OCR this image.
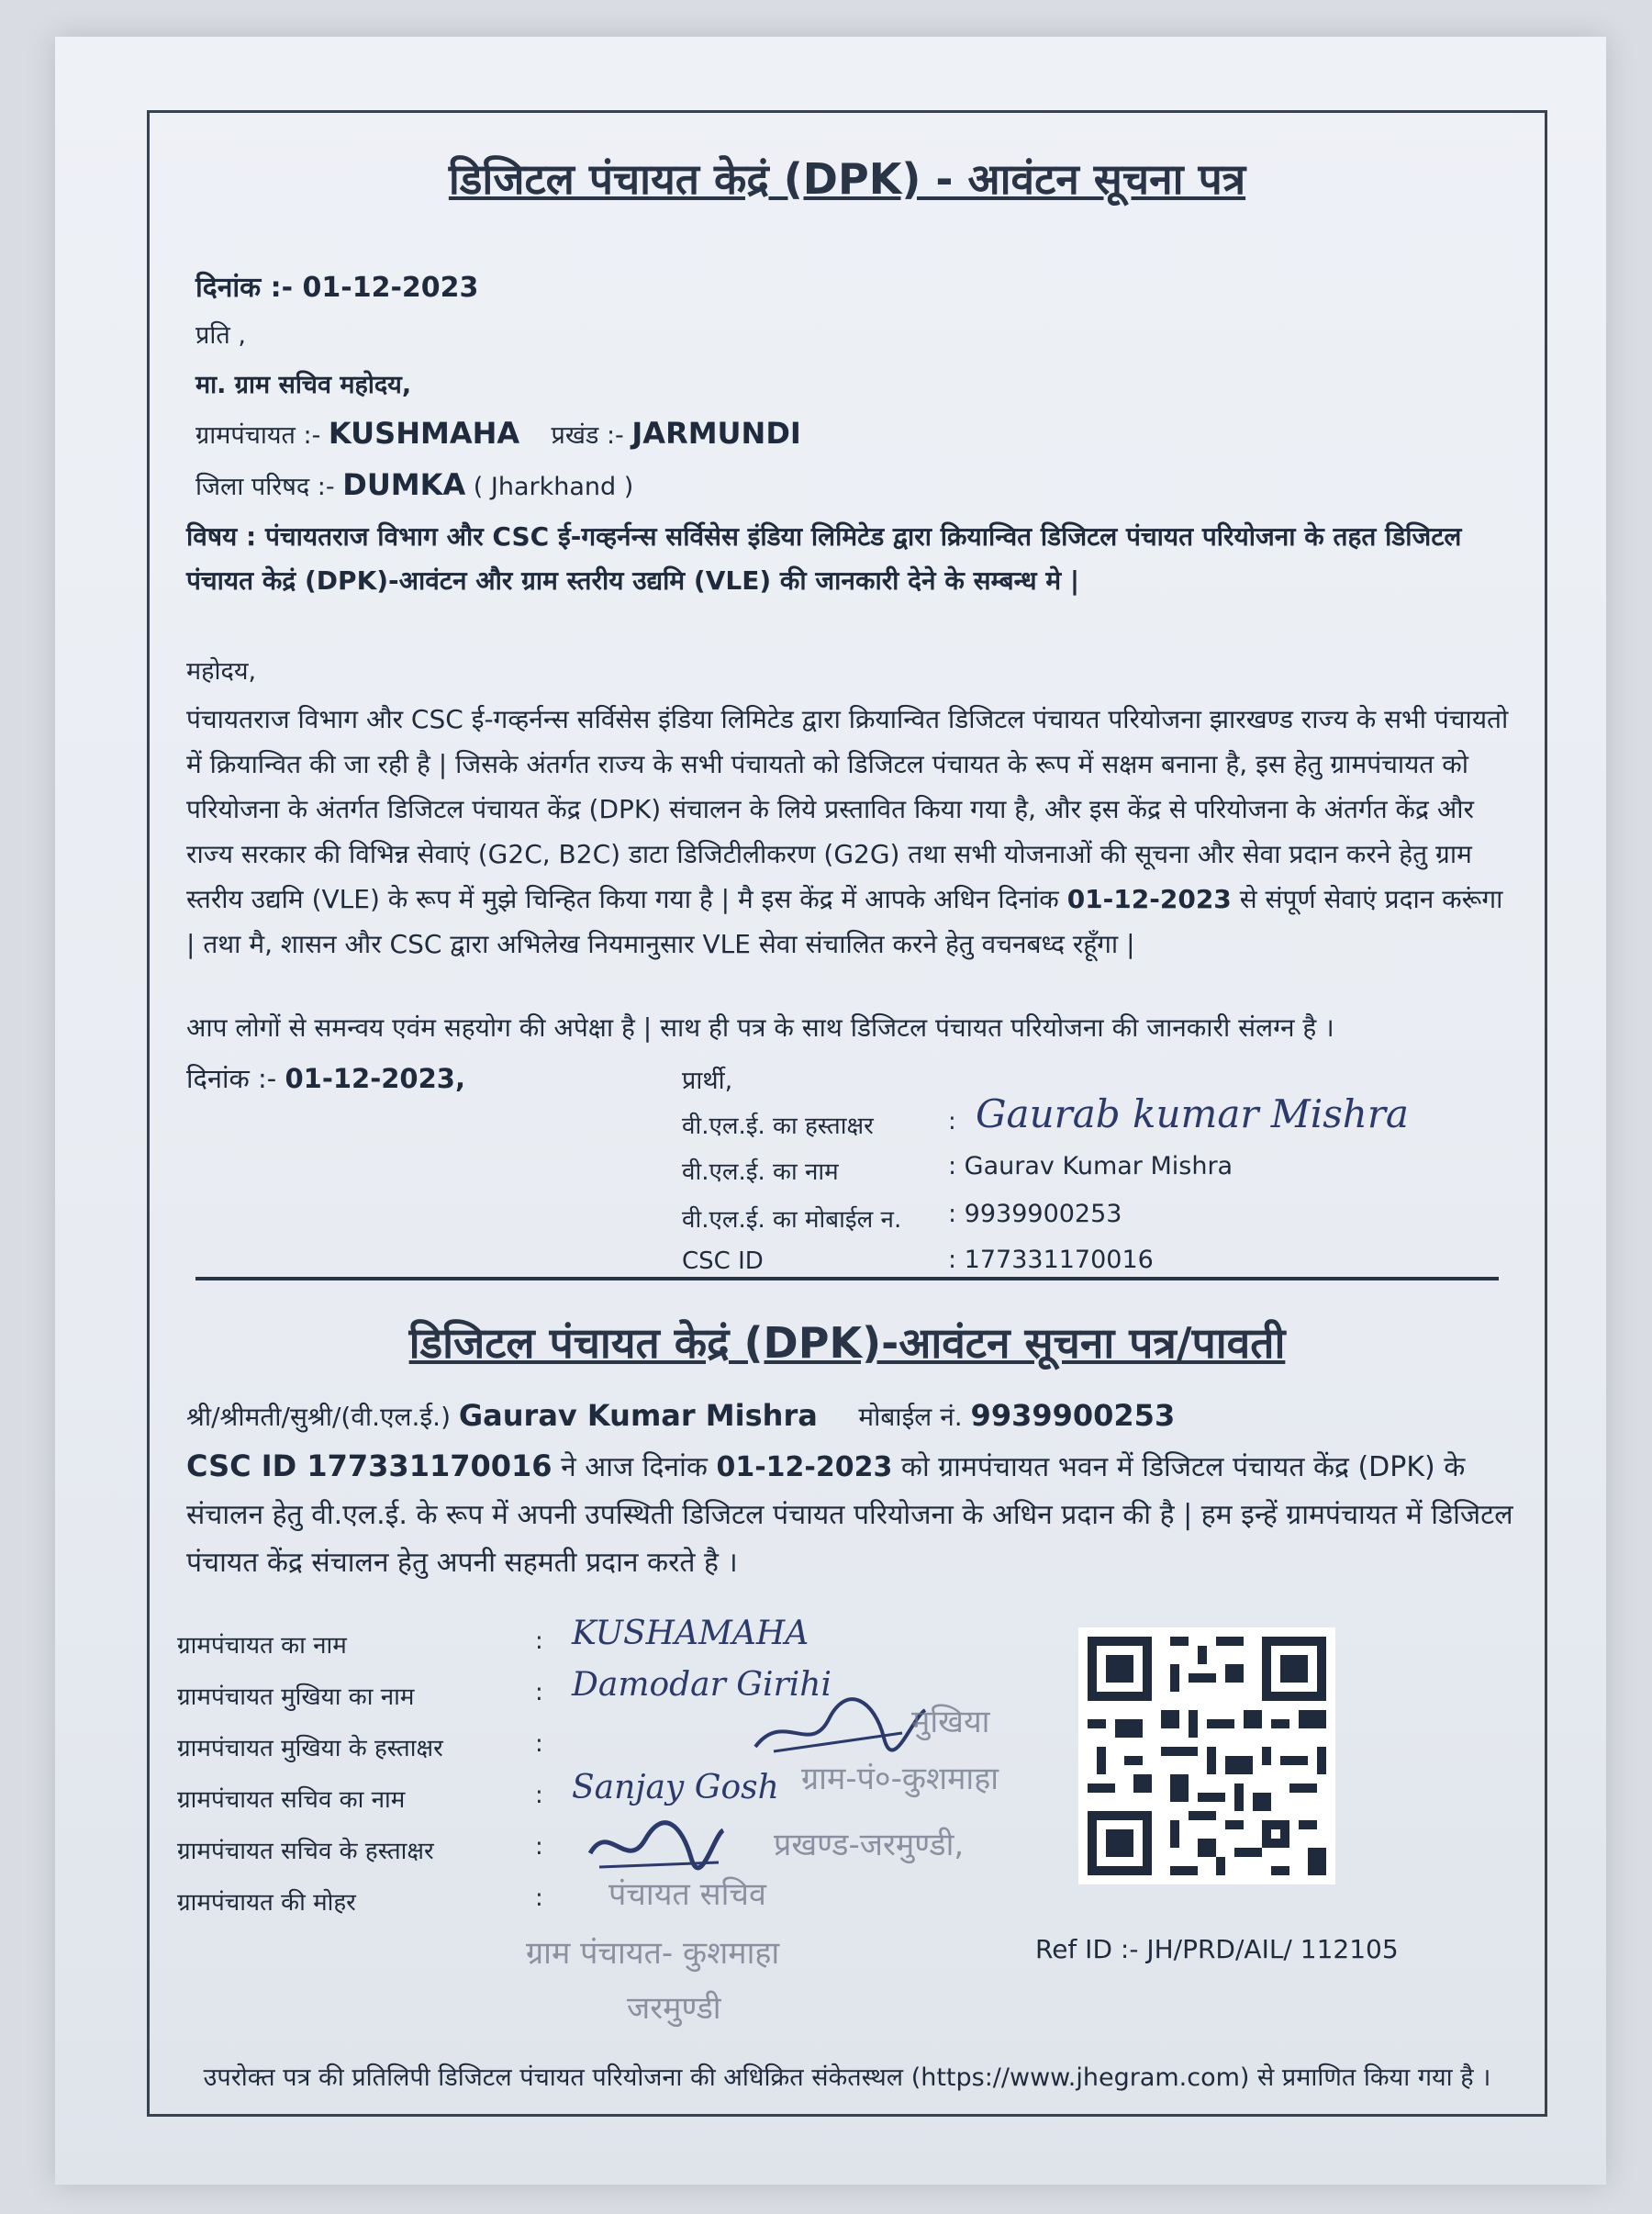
डिजिटल पंचायत केद्रं (DPK) - आवंटन सूचना पत्र
दिनांक :- 01-12-2023
प्रति ,
मा. ग्राम सचिव महोदय,
ग्रामपंचायत :- KUSHMAHA प्रखंड :- JARMUNDI
जिला परिषद :- DUMKA ( Jharkhand )

विषय : पंचायतराज विभाग और CSC ई-गव्हर्नन्स सर्विसेस इंडिया लिमिटेड द्वारा क्रियान्वित डिजिटल पंचायत परियोजना के तहत डिजिटल पंचायत केद्रं (DPK)-आवंटन और ग्राम स्तरीय उद्यमि (VLE) की जानकारी देने के सम्बन्ध मे |

महोदय,

पंचायतराज विभाग और CSC ई-गव्हर्नन्स सर्विसेस इंडिया लिमिटेड द्वारा क्रियान्वित डिजिटल पंचायत परियोजना झारखण्ड राज्य के सभी पंचायतो में क्रियान्वित की जा रही है | जिसके अंतर्गत राज्य के सभी पंचायतो को डिजिटल पंचायत के रूप में सक्षम बनाना है, इस हेतु ग्रामपंचायत को परियोजना के अंतर्गत डिजिटल पंचायत केंद्र (DPK) संचालन के लिये प्रस्तावित किया गया है, और इस केंद्र से परियोजना के अंतर्गत केंद्र और राज्य सरकार की विभिन्न सेवाएं (G2C, B2C) डाटा डिजिटीलीकरण (G2G) तथा सभी योजनाओं की सूचना और सेवा प्रदान करने हेतु ग्राम स्तरीय उद्यमि (VLE) के रूप में मुझे चिन्हित किया गया है | मै इस केंद्र में आपके अधिन दिनांक 01-12-2023 से संपूर्ण सेवाएं प्रदान करूंगा | तथा मै, शासन और CSC द्वारा अभिलेख नियमानुसार VLE सेवा संचालित करने हेतु वचनबध्द रहूँगा |

आप लोगों से समन्वय एवंम सहयोग की अपेक्षा है | साथ ही पत्र के साथ डिजिटल पंचायत परियोजना की जानकारी संलग्न है ।

दिनांक :- 01-12-2023,	प्रार्थी,
वी.एल.ई. का हस्ताक्षर	: Gaurab kumar Mishra
वी.एल.ई. का नाम	: Gaurav Kumar Mishra
वी.एल.ई. का मोबाईल न. : 9939900253
CSC ID	: 177331170016
डिजिटल पंचायत केद्रं (DPK)-आवंटन सूचना पत्र/पावती
श्री/श्रीमती/सुश्री/(वी.एल.ई.) Gaurav Kumar Mishra मोबाईल नं. 9939900253

CSC ID 177331170016 ने आज दिनांक 01-12-2023 को ग्रामपंचायत भवन में डिजिटल पंचायत केंद्र (DPK) के संचालन हेतु वी.एल.ई. के रूप में अपनी उपस्थिती डिजिटल पंचायत परियोजना के अधिन प्रदान की है | हम इन्हें ग्रामपंचायत में डिजिटल पंचायत केंद्र संचालन हेतु अपनी सहमती प्रदान करते है ।

ग्रामपंचायत का नाम	: KUSHAMAHA
ग्रामपंचायत मुखिया का नाम	: Damodar Girihi
ग्रामपंचायत मुखिया के हस्ताक्षर	:
ग्रामपंचायत सचिव का नाम	: Sanjay Gosh
ग्रामपंचायत सचिव के हस्ताक्षर	:
ग्रामपंचायत की मोहर	:
मुखिया
ग्राम-पं०-कुशमाहा
प्रखण्ड-जरमुण्डी,
पंचायत सचिव
ग्राम पंचायत- कुशमाहा
जरमुण्डी
Ref ID :- JH/PRD/AIL/ 112105
उपरोक्त पत्र की प्रतिलिपी डिजिटल पंचायत परियोजना की अधिक्रित संकेतस्थल (https://www.jhegram.com) से प्रमाणित किया गया है ।
